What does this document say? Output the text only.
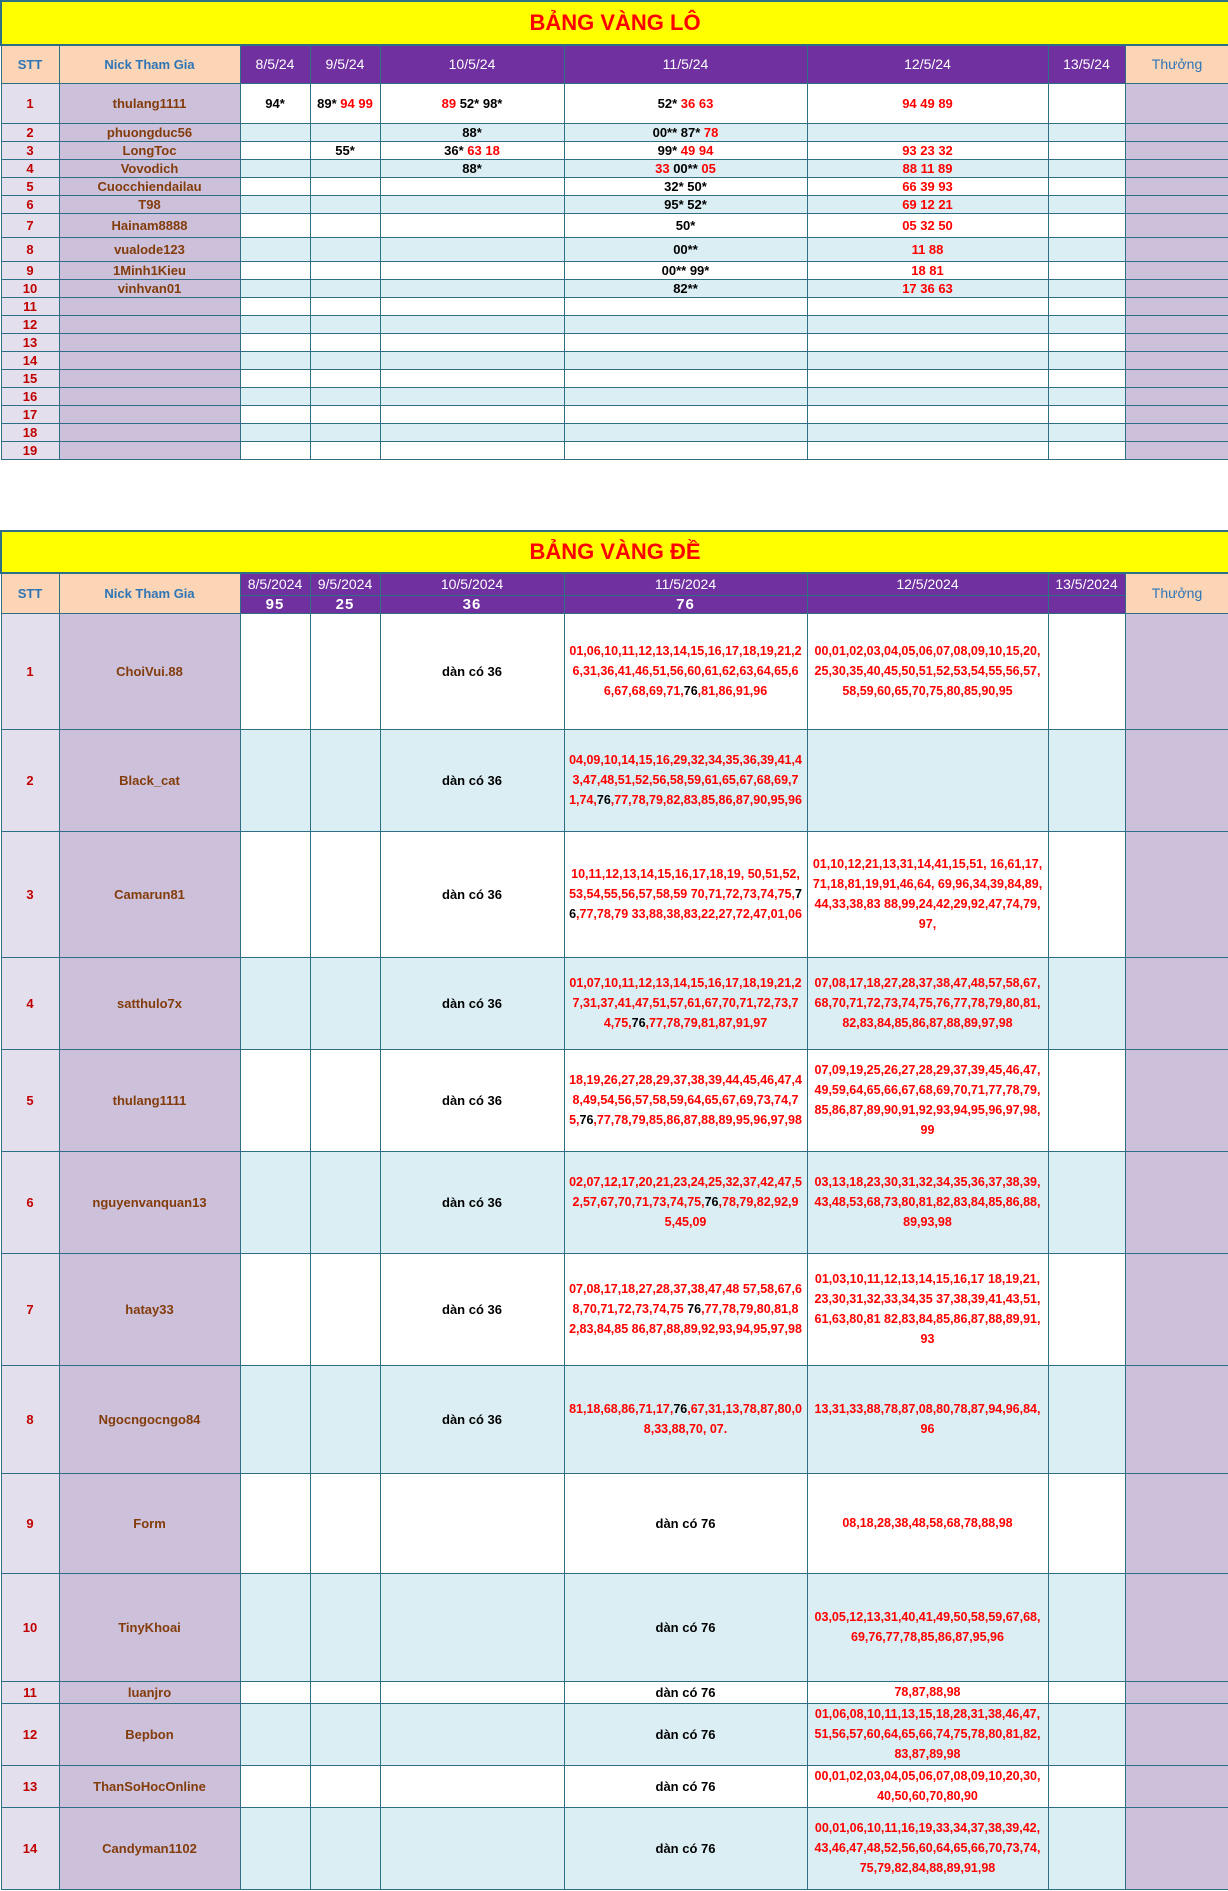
BẢNG VÀNG LÔ								
STT	Nick Tham Gia	8/5/24	9/5/24	10/5/24	11/5/24	12/5/24	13/5/24	Thưởng
1	thulang1111	94*	89* 94 99	89 52* 98*	52* 36 63	94 49 89		
2	phuongduc56			88*	00** 87* 78			
3	LongToc		55*	36* 63 18	99* 49 94	93 23 32		
4	Vovodich			88*	33 00** 05	88 11 89		
5	Cuocchiendailau				32* 50*	66 39 93		
6	T98				95* 52*	69 12 21		
7	Hainam8888				50*	05 32 50		
8	vualode123				00**	11 88		
9	1Minh1Kieu				00** 99*	18 81		
10	vinhvan01				82**	17 36 63		
11								
12								
13								
14								
15								
16								
17								
18								
19								
BẢNG VÀNG ĐỀ								
STT	Nick Tham Gia	8/5/2024	9/5/2024	10/5/2024	11/5/2024	12/5/2024	13/5/2024	Thưởng
		95	25	36	76			
1	ChoiVui.88			dàn có 36	01,06,10,11,12,13,14,15,16,17,18,19,21,26,31,36,41,46,51,56,60,61,62,63,64,65,66,67,68,69,71,76,81,86,91,96	00,01,02,03,04,05,06,07,08,09,10,15,20,25,30,35,40,45,50,51,52,53,54,55,56,57,58,59,60,65,70,75,80,85,90,95		
2	Black_cat			dàn có 36	04,09,10,14,15,16,29,32,34,35,36,39,41,43,47,48,51,52,56,58,59,61,65,67,68,69,71,74,76,77,78,79,82,83,85,86,87,90,95,96			
3	Camarun81			dàn có 36	10,11,12,13,14,15,16,17,18,19, 50,51,52,53,54,55,56,57,58,59 70,71,72,73,74,75,76,77,78,79 33,88,38,83,22,27,72,47,01,06	01,10,12,21,13,31,14,41,15,51, 16,61,17,71,18,81,19,91,46,64, 69,96,34,39,84,89, 44,33,38,83 88,99,24,42,29,92,47,74,79,97,		
4	satthulo7x			dàn có 36	01,07,10,11,12,13,14,15,16,17,18,19,21,27,31,37,41,47,51,57,61,67,70,71,72,73,74,75,76,77,78,79,81,87,91,97	07,08,17,18,27,28,37,38,47,48,57,58,67,68,70,71,72,73,74,75,76,77,78,79,80,81,82,83,84,85,86,87,88,89,97,98		
5	thulang1111			dàn có 36	18,19,26,27,28,29,37,38,39,44,45,46,47,48,49,54,56,57,58,59,64,65,67,69,73,74,75,76,77,78,79,85,86,87,88,89,95,96,97,98	07,09,19,25,26,27,28,29,37,39,45,46,47,49,59,64,65,66,67,68,69,70,71,77,78,79,85,86,87,89,90,91,92,93,94,95,96,97,98,99		
6	nguyenvanquan13			dàn có 36	02,07,12,17,20,21,23,24,25,32,37,42,47,52,57,67,70,71,73,74,75,76,78,79,82,92,95,45,09	03,13,18,23,30,31,32,34,35,36,37,38,39,43,48,53,68,73,80,81,82,83,84,85,86,88,89,93,98		
7	hatay33			dàn có 36	07,08,17,18,27,28,37,38,47,48 57,58,67,68,70,71,72,73,74,75 76,77,78,79,80,81,82,83,84,85 86,87,88,89,92,93,94,95,97,98	01,03,10,11,12,13,14,15,16,17 18,19,21,23,30,31,32,33,34,35 37,38,39,41,43,51,61,63,80,81 82,83,84,85,86,87,88,89,91,93		
8	Ngocngocngo84			dàn có 36	81,18,68,86,71,17,76,67,31,13,78,87,80,08,33,88,70, 07.	13,31,33,88,78,87,08,80,78,87,94,96,84,96		
9	Form				dàn có 76	08,18,28,38,48,58,68,78,88,98		
10	TinyKhoai				dàn có 76	03,05,12,13,31,40,41,49,50,58,59,67,68,69,76,77,78,85,86,87,95,96		
11	luanjro				dàn có 76	78,87,88,98		
12	Bepbon				dàn có 76	01,06,08,10,11,13,15,18,28,31,38,46,47,51,56,57,60,64,65,66,74,75,78,80,81,82,83,87,89,98		
13	ThanSoHocOnline				dàn có 76	00,01,02,03,04,05,06,07,08,09,10,20,30,40,50,60,70,80,90		
14	Candyman1102				dàn có 76	00,01,06,10,11,16,19,33,34,37,38,39,42,43,46,47,48,52,56,60,64,65,66,70,73,74,75,79,82,84,88,89,91,98		
